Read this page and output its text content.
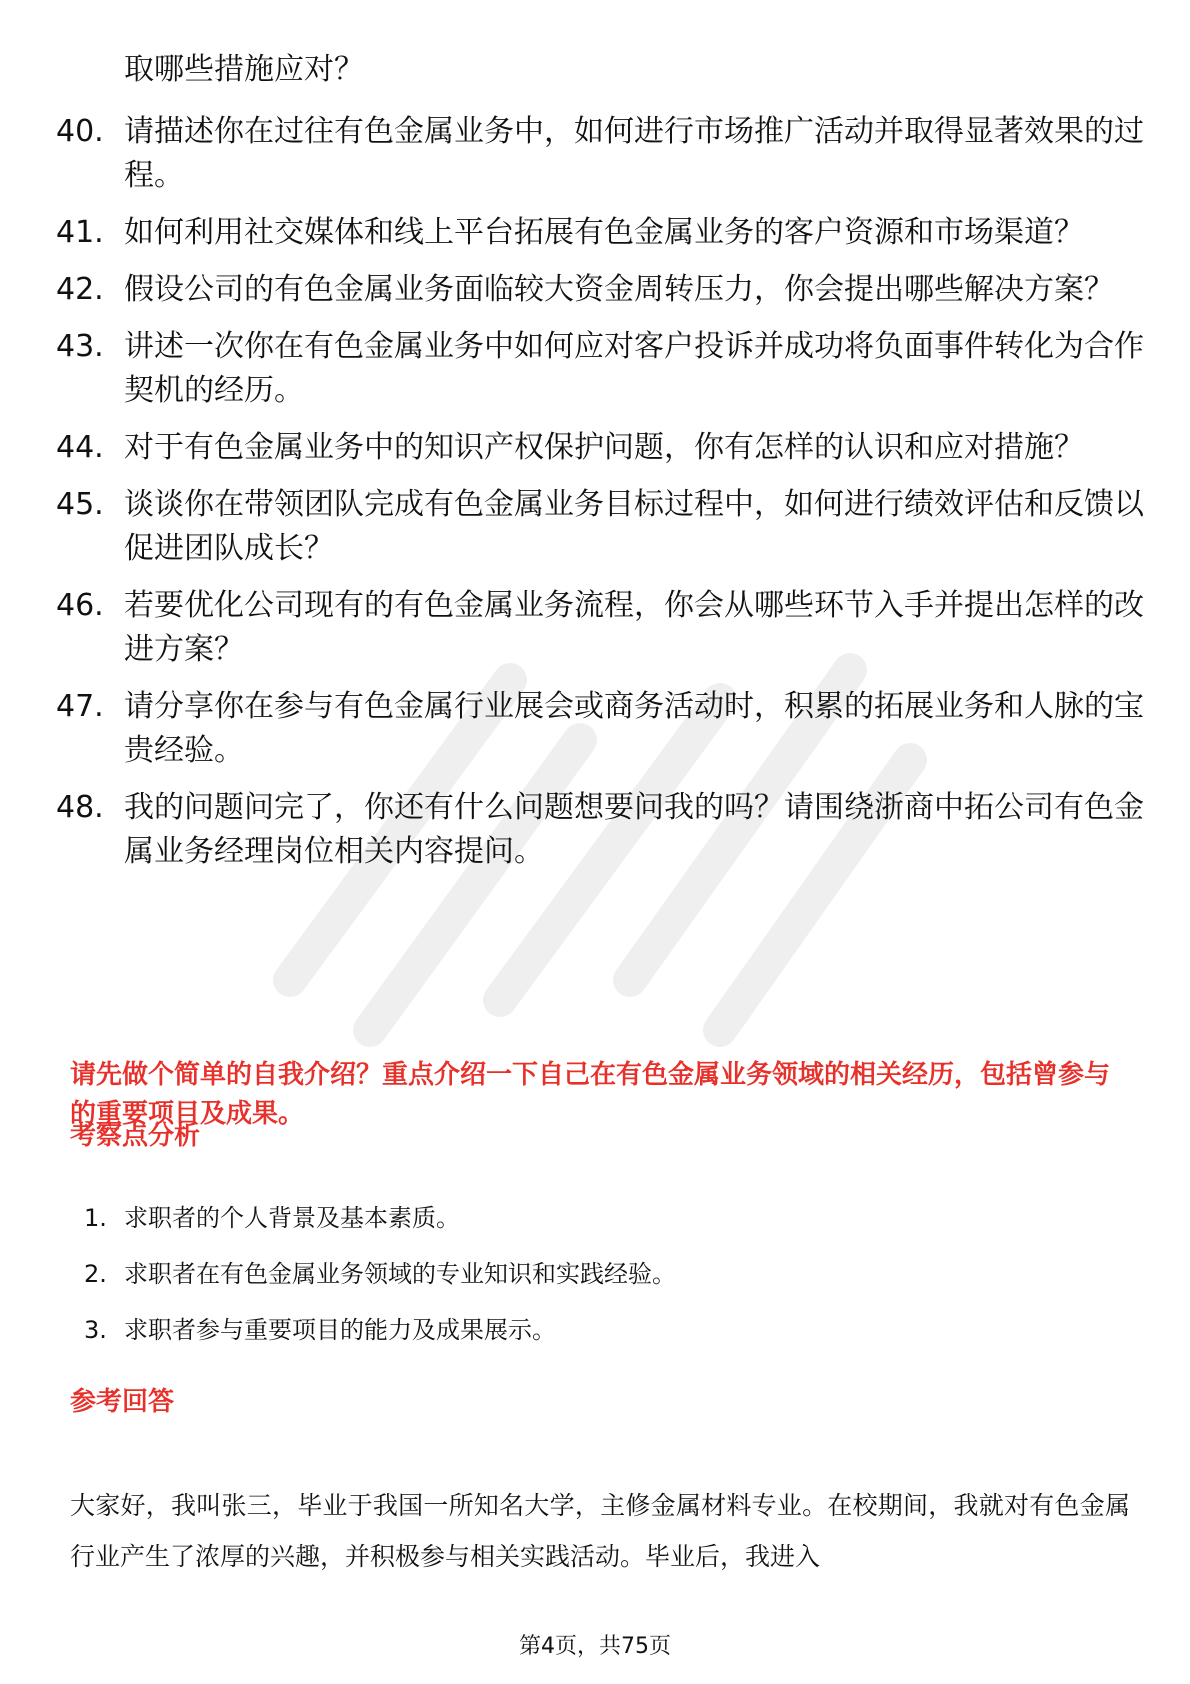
取哪些措施应对？

40. 请描述你在过往有色金属业务中，如何进行市场推广活动并取得显著效果的过程。
41. 如何利用社交媒体和线上平台拓展有色金属业务的客户资源和市场渠道？
42. 假设公司的有色金属业务面临较大资金周转压力，你会提出哪些解决方案？
43. 讲述一次你在有色金属业务中如何应对客户投诉并成功将负面事件转化为合作契机的经历。
44. 对于有色金属业务中的知识产权保护问题，你有怎样的认识和应对措施？
45. 谈谈你在带领团队完成有色金属业务目标过程中，如何进行绩效评估和反馈以促进团队成长？
46. 若要优化公司现有的有色金属业务流程，你会从哪些环节入手并提出怎样的改进方案？
47. 请分享你在参与有色金属行业展会或商务活动时，积累的拓展业务和人脉的宝贵经验。
48. 我的问题问完了，你还有什么问题想要问我的吗？请围绕浙商中拓公司有色金属业务经理岗位相关内容提问。

请先做个简单的自我介绍？重点介绍一下自己在有色金属业务领域的相关经历，包括曾参与的重要项目及成果。

考察点分析
1. 求职者的个人背景及基本素质。
2. 求职者在有色金属业务领域的专业知识和实践经验。
3. 求职者参与重要项目的能力及成果展示。
参考回答

大家好，我叫张三，毕业于我国一所知名大学，主修金属材料专业。在校期间，我就对有色金属行业产生了浓厚的兴趣，并积极参与相关实践活动。毕业后，我进入

第4页，共75页
